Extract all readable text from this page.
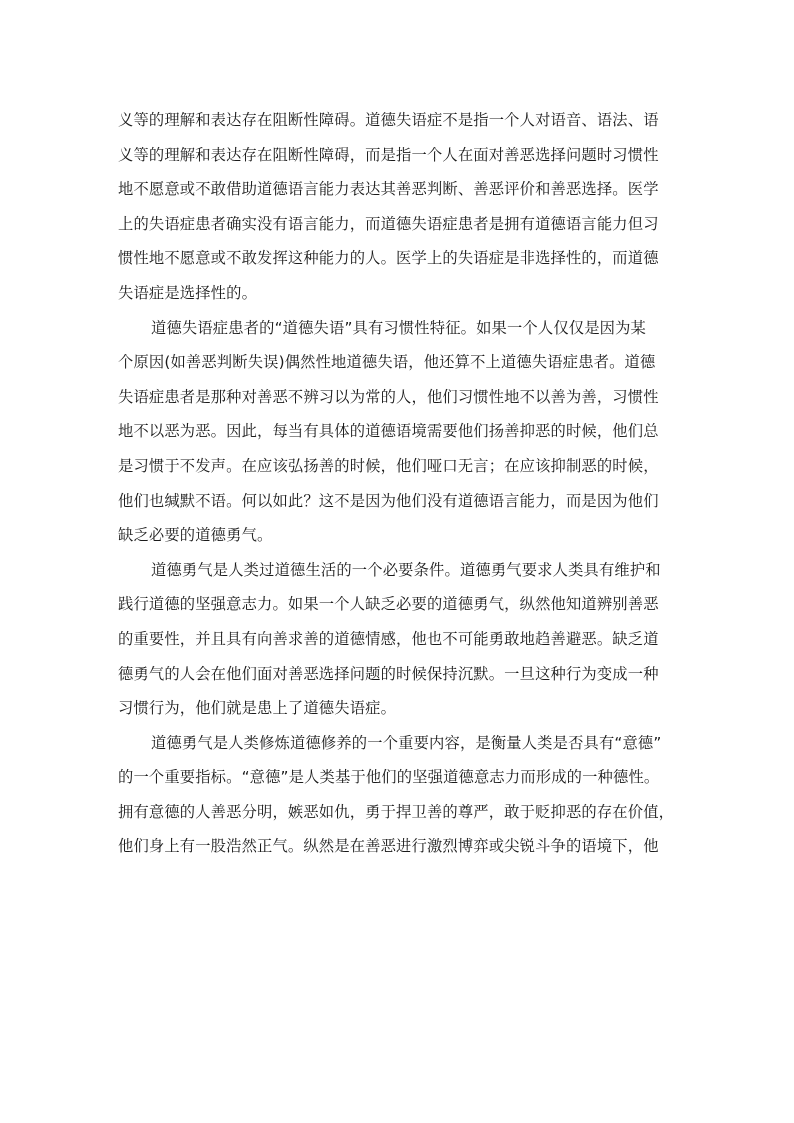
义等的理解和表达存在阻断性障碍。道德失语症不是指一个人对语音、语法、语
义等的理解和表达存在阻断性障碍，而是指一个人在面对善恶选择问题时习惯性
地不愿意或不敢借助道德语言能力表达其善恶判断、善恶评价和善恶选择。医学
上的失语症患者确实没有语言能力，而道德失语症患者是拥有道德语言能力但习
惯性地不愿意或不敢发挥这种能力的人。医学上的失语症是非选择性的，而道德
失语症是选择性的。
道德失语症患者的“道德失语”具有习惯性特征。如果一个人仅仅是因为某
个原因(如善恶判断失误)偶然性地道德失语，他还算不上道德失语症患者。道德
失语症患者是那种对善恶不辨习以为常的人，他们习惯性地不以善为善，习惯性
地不以恶为恶。因此，每当有具体的道德语境需要他们扬善抑恶的时候，他们总
是习惯于不发声。在应该弘扬善的时候，他们哑口无言；在应该抑制恶的时候，
他们也缄默不语。何以如此？这不是因为他们没有道德语言能力，而是因为他们
缺乏必要的道德勇气。
道德勇气是人类过道德生活的一个必要条件。道德勇气要求人类具有维护和
践行道德的坚强意志力。如果一个人缺乏必要的道德勇气，纵然他知道辨别善恶
的重要性，并且具有向善求善的道德情感，他也不可能勇敢地趋善避恶。缺乏道
德勇气的人会在他们面对善恶选择问题的时候保持沉默。一旦这种行为变成一种
习惯行为，他们就是患上了道德失语症。
道德勇气是人类修炼道德修养的一个重要内容，是衡量人类是否具有“意德”
的一个重要指标。“意德”是人类基于他们的坚强道德意志力而形成的一种德性。
拥有意德的人善恶分明，嫉恶如仇，勇于捍卫善的尊严，敢于贬抑恶的存在价值，
他们身上有一股浩然正气。纵然是在善恶进行激烈博弈或尖锐斗争的语境下，他
